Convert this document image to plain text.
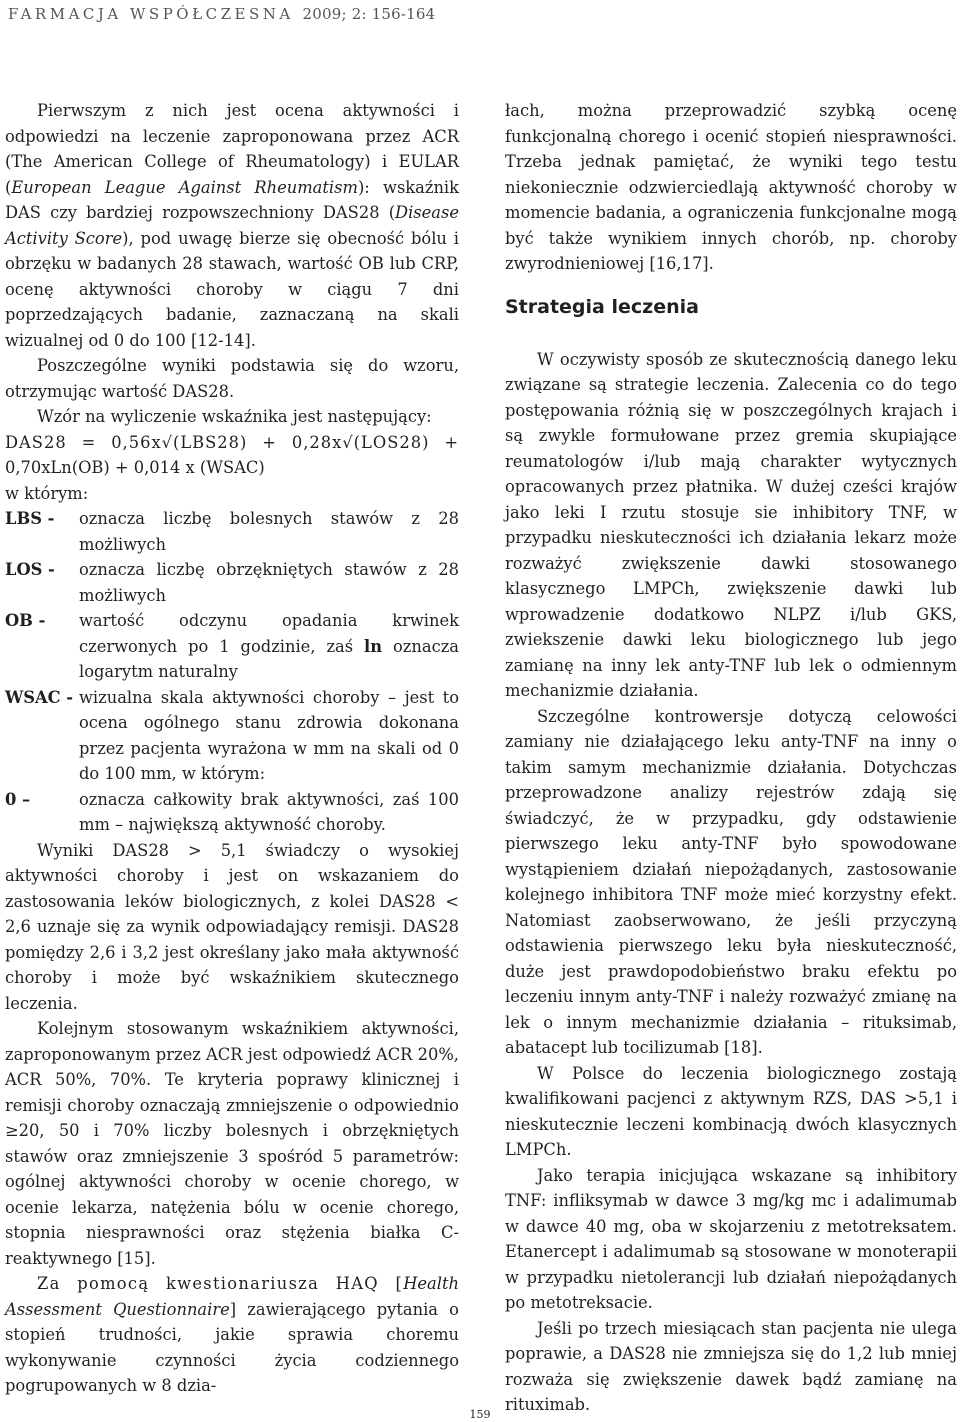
FARMACJA WSPÓŁCZESNA 2009; 2: 156-164

Pierwszym z nich jest ocena aktywności i odpowiedzi na leczenie zaproponowana przez ACR (The American College of Rheumatology) i EULAR (European League Against Rheumatism): wskaźnik DAS czy bardziej rozpowszechniony DAS28 (Disease Activity Score), pod uwagę bierze się obecność bólu i obrzęku w badanych 28 stawach, wartość OB lub CRP, ocenę aktywności choroby w ciągu 7 dni poprzedzających badanie, zaznaczaną na skali wizualnej od 0 do 100 [12-14].

Poszczególne wyniki podstawia się do wzoru, otrzymując wartość DAS28.

Wzór na wyliczenie wskaźnika jest następujący:

DAS28 = 0,56x√(LBS28) + 0,28x√(LOS28) +

0,70xLn(OB) + 0,014 x (WSAC)

w którym:

LBS -	oznacza liczbę bolesnych stawów z 28 możliwych
LOS -	oznacza liczbę obrzękniętych stawów z 28 możliwych
OB -	wartość odczynu opadania krwinek czerwonych po 1 godzinie, zaś ln oznacza logarytm naturalny
WSAC - wizualna skala aktywności choroby – jest to ocena ogólnego stanu zdrowia dokonana przez pacjenta wyrażona w mm na skali od 0 do 100 mm, w którym:
0 –	oznacza całkowity brak aktywności, zaś 100 mm – największą aktywność choroby.

Wyniki DAS28 > 5,1 świadczy o wysokiej aktywności choroby i jest on wskazaniem do zastosowania leków biologicznych, z kolei DAS28 < 2,6 uznaje się za wynik odpowiadający remisji. DAS28 pomiędzy 2,6 i 3,2 jest określany jako mała aktywność choroby i może być wskaźnikiem skutecznego leczenia.

Kolejnym stosowanym wskaźnikiem aktywności, zaproponowanym przez ACR jest odpowiedź ACR 20%, ACR 50%, 70%. Te kryteria poprawy klinicznej i remisji choroby oznaczają zmniejszenie o odpowiednio ≥20, 50 i 70% liczby bolesnych i obrzękniętych stawów oraz zmniejszenie 3 spośród 5 parametrów: ogólnej aktywności choroby w ocenie chorego, w ocenie lekarza, natężenia bólu w ocenie chorego, stopnia niesprawności oraz stężenia białka C-reaktywnego [15].

Za pomocą kwestionariusza HAQ [Health Assessment Questionnaire] zawierającego pytania o stopień trudności, jakie sprawia choremu wykonywanie czynności życia codziennego pogrupowanych w 8 dzia-

łach, można przeprowadzić szybką ocenę funkcjonalną chorego i ocenić stopień niesprawności. Trzeba jednak pamiętać, że wyniki tego testu niekoniecznie odzwierciedlają aktywność choroby w momencie badania, a ograniczenia funkcjonalne mogą być także wynikiem innych chorób, np. choroby zwyrodnieniowej [16,17].

Strategia leczenia

W oczywisty sposób ze skutecznością danego leku związane są strategie leczenia. Zalecenia co do tego postępowania różnią się w poszczególnych krajach i są zwykle formułowane przez gremia skupiające reumatologów i/lub mają charakter wytycznych opracowanych przez płatnika. W dużej cześci krajów jako leki I rzutu stosuje sie inhibitory TNF, w przypadku nieskuteczności ich działania lekarz może rozważyć zwiększenie dawki stosowanego klasycznego LMPCh, zwiększenie dawki lub wprowadzenie dodatkowo NLPZ i/lub GKS, zwiekszenie dawki leku biologicznego lub jego zamianę na inny lek anty-TNF lub lek o odmiennym mechanizmie działania.

Szczególne kontrowersje dotyczą celowości zamiany nie działającego leku anty-TNF na inny o takim samym mechanizmie działania. Dotychczas przeprowadzone analizy rejestrów zdają się świadczyć, że w przypadku, gdy odstawienie pierwszego leku anty-TNF było spowodowane wystąpieniem działań niepożądanych, zastosowanie kolejnego inhibitora TNF może mieć korzystny efekt. Natomiast zaobserwowano, że jeśli przyczyną odstawienia pierwszego leku była nieskuteczność, duże jest prawdopodobieństwo braku efektu po leczeniu innym anty-TNF i należy rozważyć zmianę na lek o innym mechanizmie działania – rituksimab, abatacept lub tocilizumab [18].

W Polsce do leczenia biologicznego zostają kwalifikowani pacjenci z aktywnym RZS, DAS >5,1 i nieskutecznie leczeni kombinacją dwóch klasycznych LMPCh.

Jako terapia inicjująca wskazane są inhibitory TNF: infliksymab w dawce 3 mg/kg mc i adalimumab w dawce 40 mg, oba w skojarzeniu z metotreksatem. Etanercept i adalimumab są stosowane w monoterapii w przypadku nietolerancji lub działań niepożądanych po metotreksacie.

Jeśli po trzech miesiącach stan pacjenta nie ulega poprawie, a DAS28 nie zmniejsza się do 1,2 lub mniej rozważa się zwiększenie dawek bądź zamianę na rituximab.

159
